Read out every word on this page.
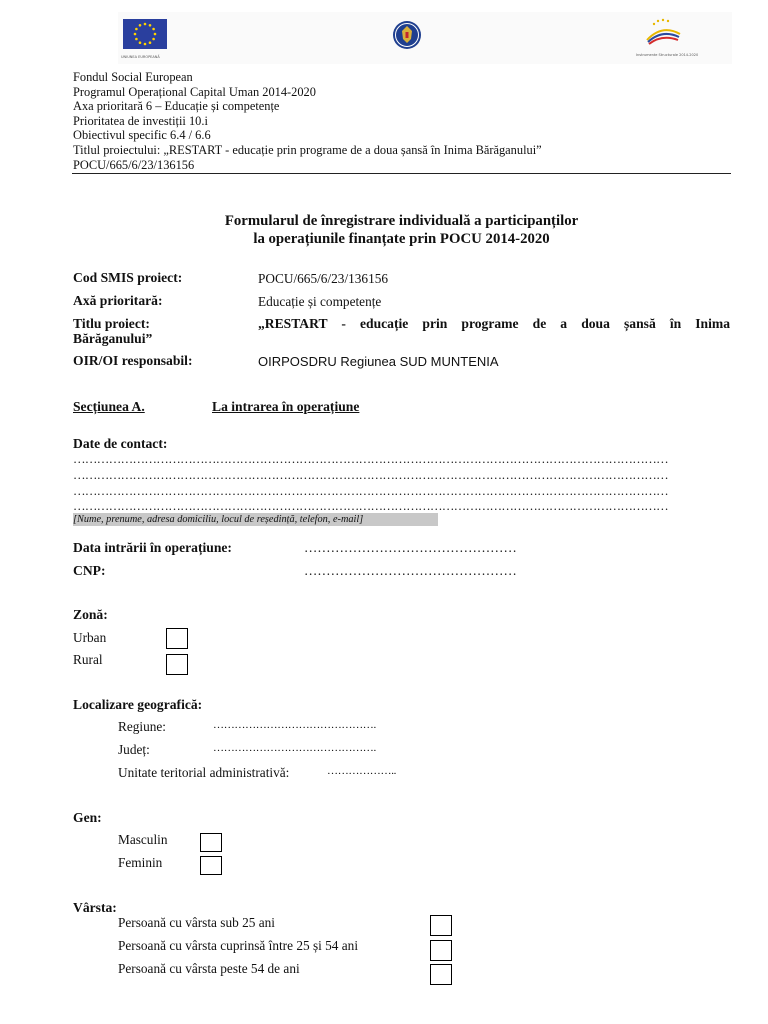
UNIUNEA EUROPEANĂ	Instrumente Structurale 2014-2020
Fondul Social European
Programul Operațional Capital Uman 2014-2020
Axa prioritară 6 – Educație și competențe
Prioritatea de investiții 10.i
Obiectivul specific 6.4 / 6.6
Titlul proiectului: „RESTART - educație prin programe de a doua șansă în Inima Bărăganului”
POCU/665/6/23/136156
Formularul de înregistrare individuală a participanților
la operațiunile finanțate prin POCU 2014-2020
Cod SMIS proiect:	POCU/665/6/23/136156
Axă prioritară:	Educație și competențe
Titlu proiect:	„RESTART - educație prin programe de a doua șansă în Inima
Bărăganului”
OIR/OI responsabil:	OIRPOSDRU Regiunea SUD MUNTENIA
Secțiunea A.	La intrarea în operațiune
Date de contact:
……………………………………………………………………………………………………………………………………
……………………………………………………………………………………………………………………………………
……………………………………………………………………………………………………………………………………
……………………………………………………………………………………………………………………………………
[Nume, prenume, adresa domiciliu, locul de reședință, telefon, e-mail]
Data intrării în operațiune:	…………………………………………
CNP:	…………………………………………
Zonă:
Urban
Rural
Localizare geografică:
Regiune:	……………………………………….
Județ:	……………………………………….
Unitate teritorial administrativă:	………………..
Gen:
Masculin
Feminin
Vârsta:
Persoană cu vârsta sub 25 ani
Persoană cu vârsta cuprinsă între 25 și 54 ani
Persoană cu vârsta peste 54 de ani
